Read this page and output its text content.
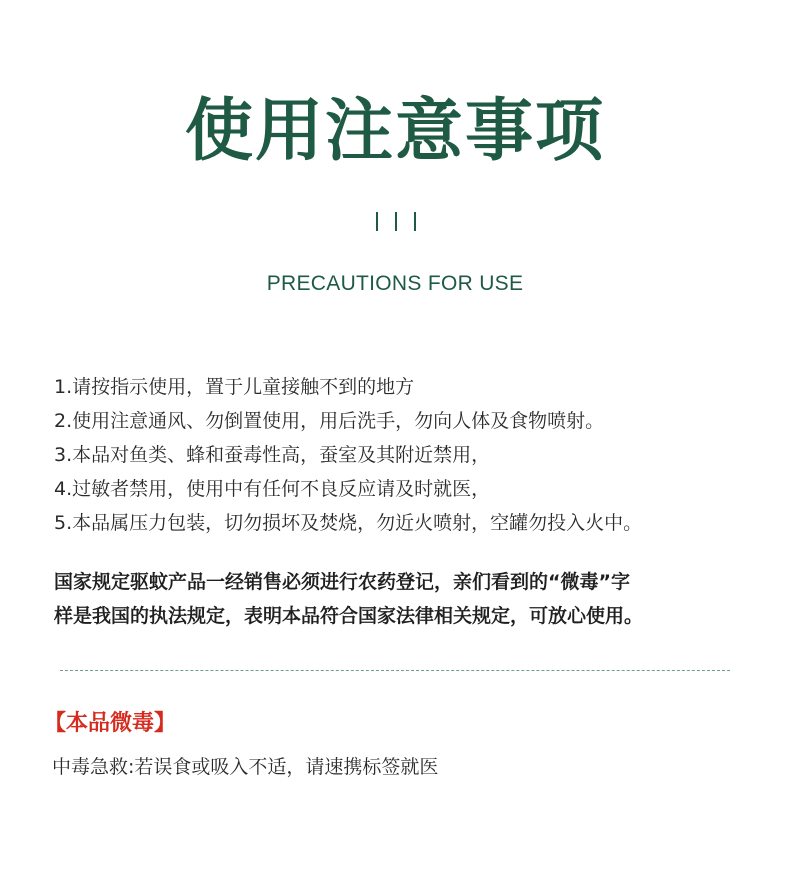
使用注意事项
PRECAUTIONS FOR USE
1.请按指示使用，置于儿童接触不到的地方
2.使用注意通风、勿倒置使用，用后洗手，勿向人体及食物喷射。
3.本品对鱼类、蜂和蚕毒性高，蚕室及其附近禁用，
4.过敏者禁用，使用中有任何不良反应请及时就医，
5.本品属压力包装，切勿损坏及焚烧，勿近火喷射，空罐勿投入火中。
国家规定驱蚊产品一经销售必须进行农药登记，亲们看到的“微毒”字
样是我国的执法规定，表明本品符合国家法律相关规定，可放心使用。
【本品微毒】
中毒急救:若误食或吸入不适，请速携标签就医
